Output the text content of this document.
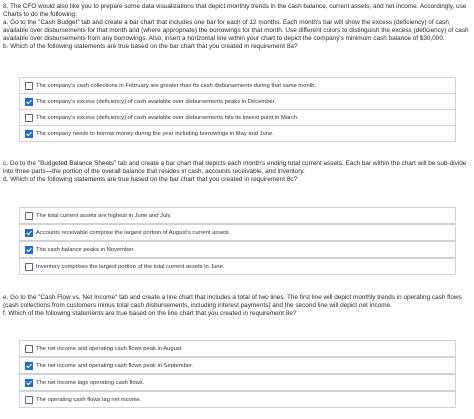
8. The CFO would also like you to prepare some data visualizations that depict monthly trends in the cash balance, current assets, and net income. Accordingly, use Charts to do the following:

a. Go to the "Cash Budget" tab and create a bar chart that includes one bar for each of 12 months. Each month's bar will show the excess (deficiency) of cash available over disbursements for that month and (where appropriate) the borrowings for that month. Use different colors to distinguish the excess (deficiency) of cash available over disbursements from any borrowings. Also, insert a horizontal line within your chart to depict the company's minimum cash balance of $30,000.

b. Which of the following statements are true based on the bar chart that you created in requirement 8a?

The company's cash collections in February are greater than its cash disbursements during that same month.
The company's excess (deficiency) of cash available over disbursements peaks in December.
The company's excess (deficiency) of cash available over disbursements hits its lowest point in March.
The company needs to borrow money during the year including borrowings in May and June.

c. Go to the "Budgeted Balance Sheets" tab and create a bar chart that depicts each month's ending total current assets. Each bar within the chart will be sub-divide into three parts—the portion of the overall balance that resides in cash, accounts receivable, and inventory.

d. Which of the following statements are true based on the bar chart that you created in requirement 8c?

The total current assets are highest in June and July.
Accounts receivable comprise the largest portion of August's current assets.
The cash balance peaks in November.
Inventory comprises the largest portion of the total current assets in June.

e. Go to the "Cash Flow vs. Net Income" tab and create a line chart that includes a total of two lines. The first line will depict monthly trends in operating cash flows (cash collections from customers minus total cash disbursements, including interest payments) and the second line will depict net income.

f. Which of the following statements are true based on the line chart that you created in requirement 8e?

The net income and operating cash flows peak in August.
The net income and operating cash flows peak in September.
The net income lags operating cash flows.
The operating cash flows lag net income.
